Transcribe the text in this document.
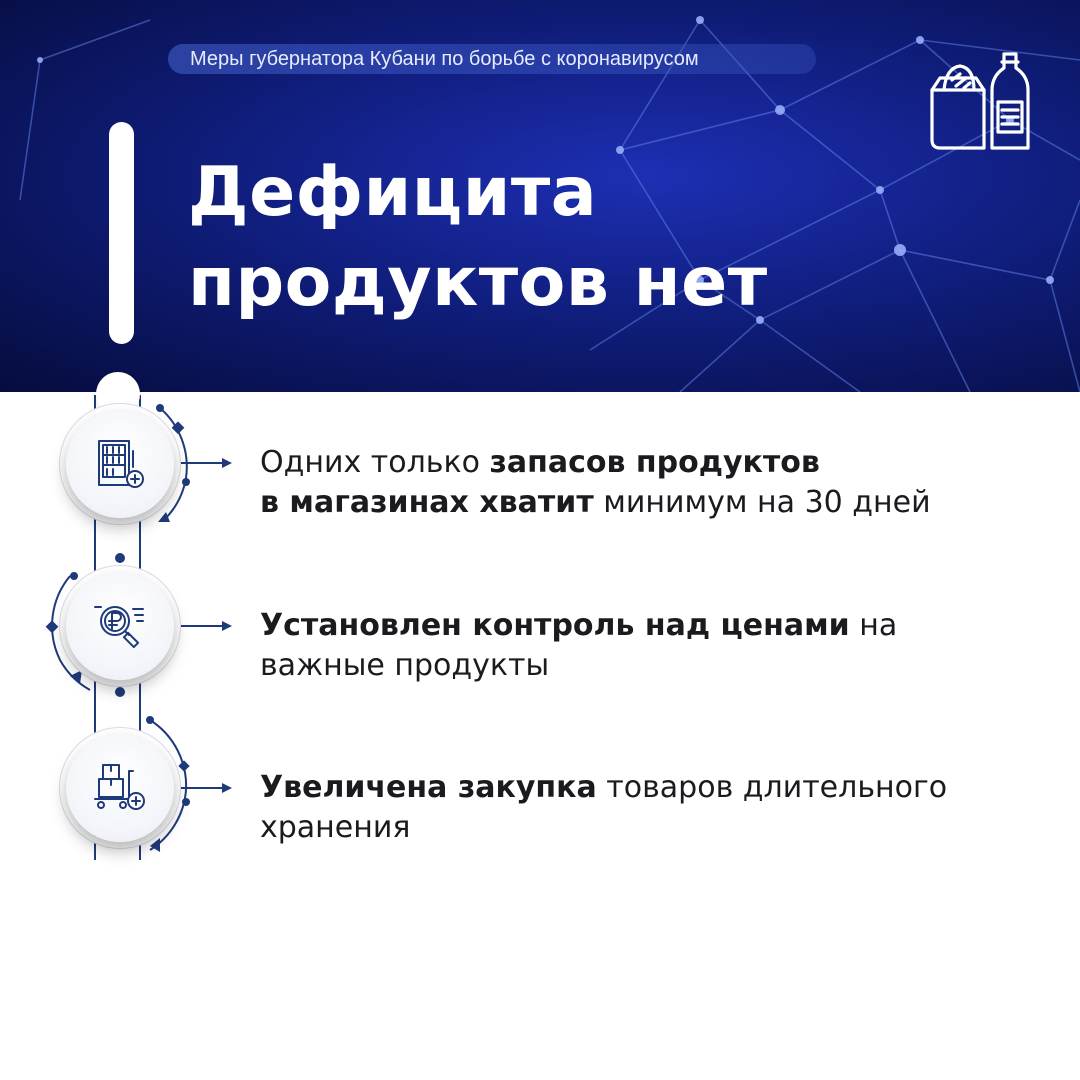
Меры губернатора Кубани по борьбе с коронавирусом
Дефицита
продуктов нет

Одних только запасов продуктов
в магазинах хватит минимум на 30 дней

Установлен контроль над ценами на
важные продукты

Увеличена закупка товаров длительного
хранения
